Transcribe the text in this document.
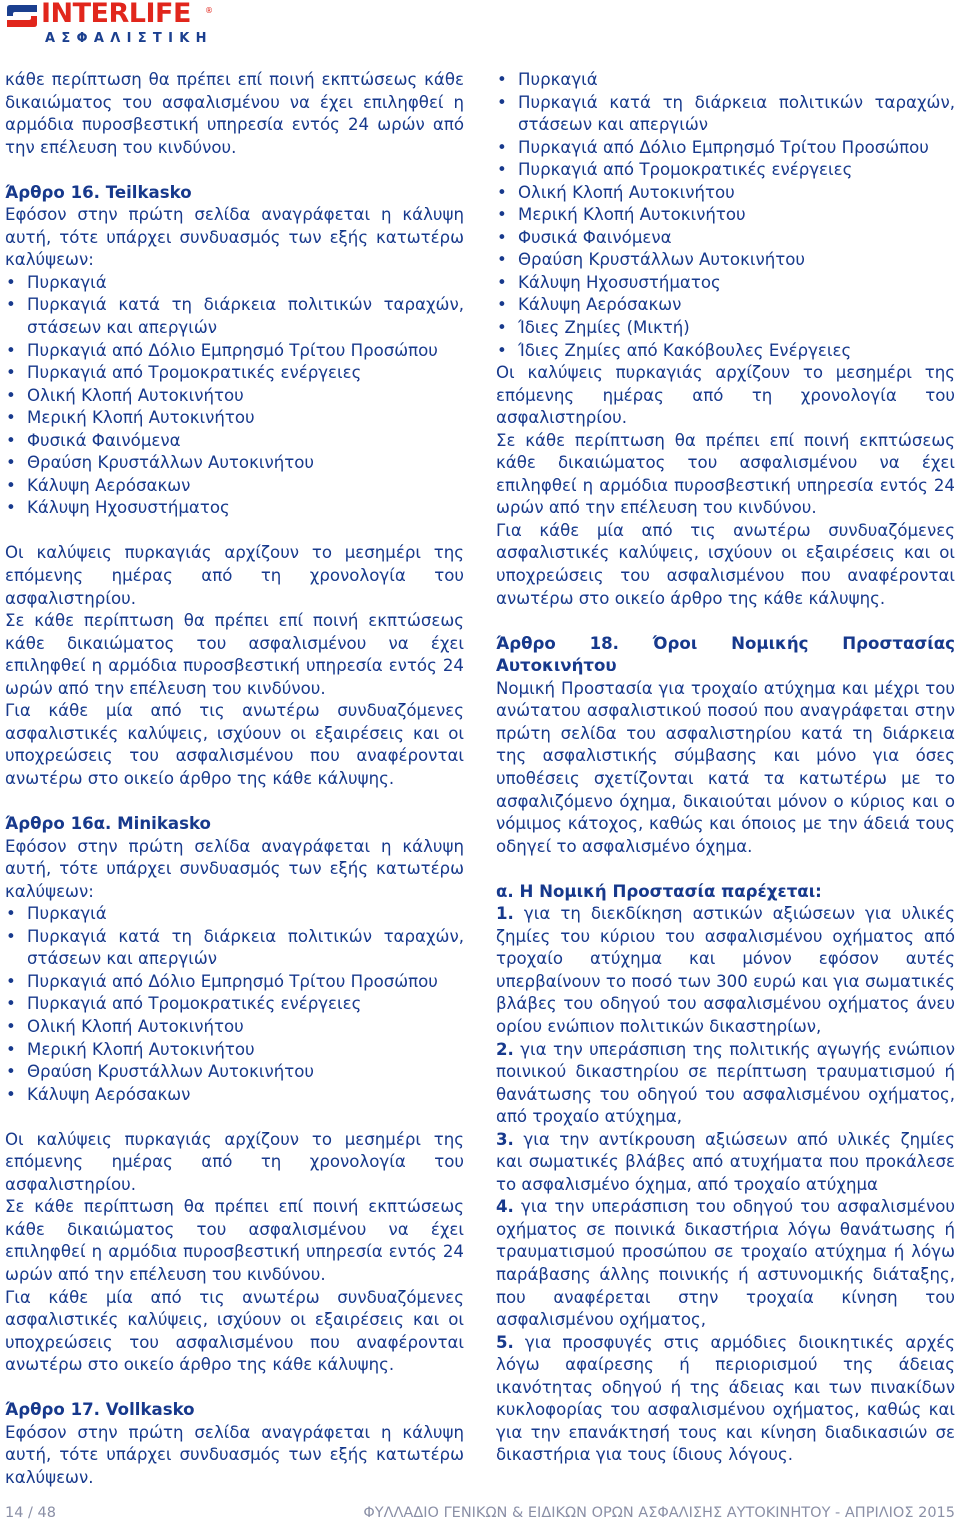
INTERLIFE ®
ΑΣΦΑΛΙΣΤΙΚΗ

κάθε περίπτωση θα πρέπει επί ποινή εκπτώσεως κάθε δικαιώματος του ασφαλισμένου να έχει επιληφθεί η αρμόδια πυροσβεστική υπηρεσία εντός 24 ωρών από την επέλευση του κινδύνου.

Άρθρο 16. Teilkasko

Εφόσον στην πρώτη σελίδα αναγράφεται η κάλυψη αυτή, τότε υπάρχει συνδυασμός των εξής κατωτέρω καλύψεων:

• Πυρκαγιά
• Πυρκαγιά κατά τη διάρκεια πολιτικών ταραχών, στάσεων και απεργιών
• Πυρκαγιά από Δόλιο Εμπρησμό Τρίτου Προσώπου
• Πυρκαγιά από Τρομοκρατικές ενέργειες
• Ολική Κλοπή Αυτοκινήτου
• Μερική Κλοπή Αυτοκινήτου
• Φυσικά Φαινόμενα
• Θραύση Κρυστάλλων Αυτοκινήτου
• Κάλυψη Αερόσακων
• Κάλυψη Ηχοσυστήματος

Οι καλύψεις πυρκαγιάς αρχίζουν το μεσημέρι της επόμενης ημέρας από τη χρονολογία του ασφαλιστηρίου.

Σε κάθε περίπτωση θα πρέπει επί ποινή εκπτώσεως κάθε δικαιώματος του ασφαλισμένου να έχει επιληφθεί η αρμόδια πυροσβεστική υπηρεσία εντός 24 ωρών από την επέλευση του κινδύνου.

Για κάθε μία από τις ανωτέρω συνδυαζόμενες ασφαλιστικές καλύψεις, ισχύουν οι εξαιρέσεις και οι υποχρεώσεις του ασφαλισμένου που αναφέρονται ανωτέρω στο οικείο άρθρο της κάθε κάλυψης.

Άρθρο 16α. Minikasko

Εφόσον στην πρώτη σελίδα αναγράφεται η κάλυψη αυτή, τότε υπάρχει συνδυασμός των εξής κατωτέρω καλύψεων:

• Πυρκαγιά
• Πυρκαγιά κατά τη διάρκεια πολιτικών ταραχών, στάσεων και απεργιών
• Πυρκαγιά από Δόλιο Εμπρησμό Τρίτου Προσώπου
• Πυρκαγιά από Τρομοκρατικές ενέργειες
• Ολική Κλοπή Αυτοκινήτου
• Μερική Κλοπή Αυτοκινήτου
• Θραύση Κρυστάλλων Αυτοκινήτου
• Κάλυψη Αερόσακων

Οι καλύψεις πυρκαγιάς αρχίζουν το μεσημέρι της επόμενης ημέρας από τη χρονολογία του ασφαλιστηρίου.

Σε κάθε περίπτωση θα πρέπει επί ποινή εκπτώσεως κάθε δικαιώματος του ασφαλισμένου να έχει επιληφθεί η αρμόδια πυροσβεστική υπηρεσία εντός 24 ωρών από την επέλευση του κινδύνου.

Για κάθε μία από τις ανωτέρω συνδυαζόμενες ασφαλιστικές καλύψεις, ισχύουν οι εξαιρέσεις και οι υποχρεώσεις του ασφαλισμένου που αναφέρονται ανωτέρω στο οικείο άρθρο της κάθε κάλυψης.

Άρθρο 17. Vollkasko

Εφόσον στην πρώτη σελίδα αναγράφεται η κάλυψη αυτή, τότε υπάρχει συνδυασμός των εξής κατωτέρω καλύψεων.

• Πυρκαγιά
• Πυρκαγιά κατά τη διάρκεια πολιτικών ταραχών, στάσεων και απεργιών
• Πυρκαγιά από Δόλιο Εμπρησμό Τρίτου Προσώπου
• Πυρκαγιά από Τρομοκρατικές ενέργειες
• Ολική Κλοπή Αυτοκινήτου
• Μερική Κλοπή Αυτοκινήτου
• Φυσικά Φαινόμενα
• Θραύση Κρυστάλλων Αυτοκινήτου
• Κάλυψη Ηχοσυστήματος
• Κάλυψη Αερόσακων
• Ίδιες Ζημίες (Μικτή)
• Ίδιες Ζημίες από Κακόβουλες Ενέργειες

Οι καλύψεις πυρκαγιάς αρχίζουν το μεσημέρι της επόμενης ημέρας από τη χρονολογία του ασφαλιστηρίου.

Σε κάθε περίπτωση θα πρέπει επί ποινή εκπτώσεως κάθε δικαιώματος του ασφαλισμένου να έχει επιληφθεί η αρμόδια πυροσβεστική υπηρεσία εντός 24 ωρών από την επέλευση του κινδύνου.

Για κάθε μία από τις ανωτέρω συνδυαζόμενες ασφαλιστικές καλύψεις, ισχύουν οι εξαιρέσεις και οι υποχρεώσεις του ασφαλισμένου που αναφέρονται ανωτέρω στο οικείο άρθρο της κάθε κάλυψης.

Άρθρο 18. Όροι Νομικής Προστασίας Αυτοκινήτου

Νομική Προστασία για τροχαίο ατύχημα και μέχρι του ανώτατου ασφαλιστικού ποσού που αναγράφεται στην πρώτη σελίδα του ασφαλιστηρίου κατά τη διάρκεια της ασφαλιστικής σύμβασης και μόνο για όσες υποθέσεις σχετίζονται κατά τα κατωτέρω με το ασφαλιζόμενο όχημα, δικαιούται μόνον ο κύριος και ο νόμιμος κάτοχος, καθώς και όποιος με την άδειά τους οδηγεί το ασφαλισμένο όχημα.

α. Η Νομική Προστασία παρέχεται:

1. για τη διεκδίκηση αστικών αξιώσεων για υλικές ζημίες του κύριου του ασφαλισμένου οχήματος από τροχαίο ατύχημα και μόνον εφόσον αυτές υπερβαίνουν το ποσό των 300 ευρώ και για σωματικές βλάβες του οδηγού του ασφαλισμένου οχήματος άνευ ορίου ενώπιον πολιτικών δικαστηρίων,

2. για την υπεράσπιση της πολιτικής αγωγής ενώπιον ποινικού δικαστηρίου σε περίπτωση τραυματισμού ή θανάτωσης του οδηγού του ασφαλισμένου οχήματος, από τροχαίο ατύχημα,

3. για την αντίκρουση αξιώσεων από υλικές ζημίες και σωματικές βλάβες από ατυχήματα που προκάλεσε το ασφαλισμένο όχημα, από τροχαίο ατύχημα

4. για την υπεράσπιση του οδηγού του ασφαλισμένου οχήματος σε ποινικά δικαστήρια λόγω θανάτωσης ή τραυματισμού προσώπου σε τροχαίο ατύχημα ή λόγω παράβασης άλλης ποινικής ή αστυνομικής διάταξης, που αναφέρεται στην τροχαία κίνηση του ασφαλισμένου οχήματος,

5. για προσφυγές στις αρμόδιες διοικητικές αρχές λόγω αφαίρεσης ή περιορισμού της άδειας ικανότητας οδηγού ή της άδειας και των πινακίδων κυκλοφορίας του ασφαλισμένου οχήματος, καθώς και για την επανάκτησή τους και κίνηση διαδικασιών σε δικαστήρια για τους ίδιους λόγους.

14 / 48	ΦΥΛΛΑΔΙΟ ΓΕΝΙΚΩΝ & ΕΙΔΙΚΩΝ ΟΡΩΝ ΑΣΦΑΛΙΣΗΣ ΑΥΤΟΚΙΝΗΤΟΥ - ΑΠΡΙΛΙΟΣ 2015
